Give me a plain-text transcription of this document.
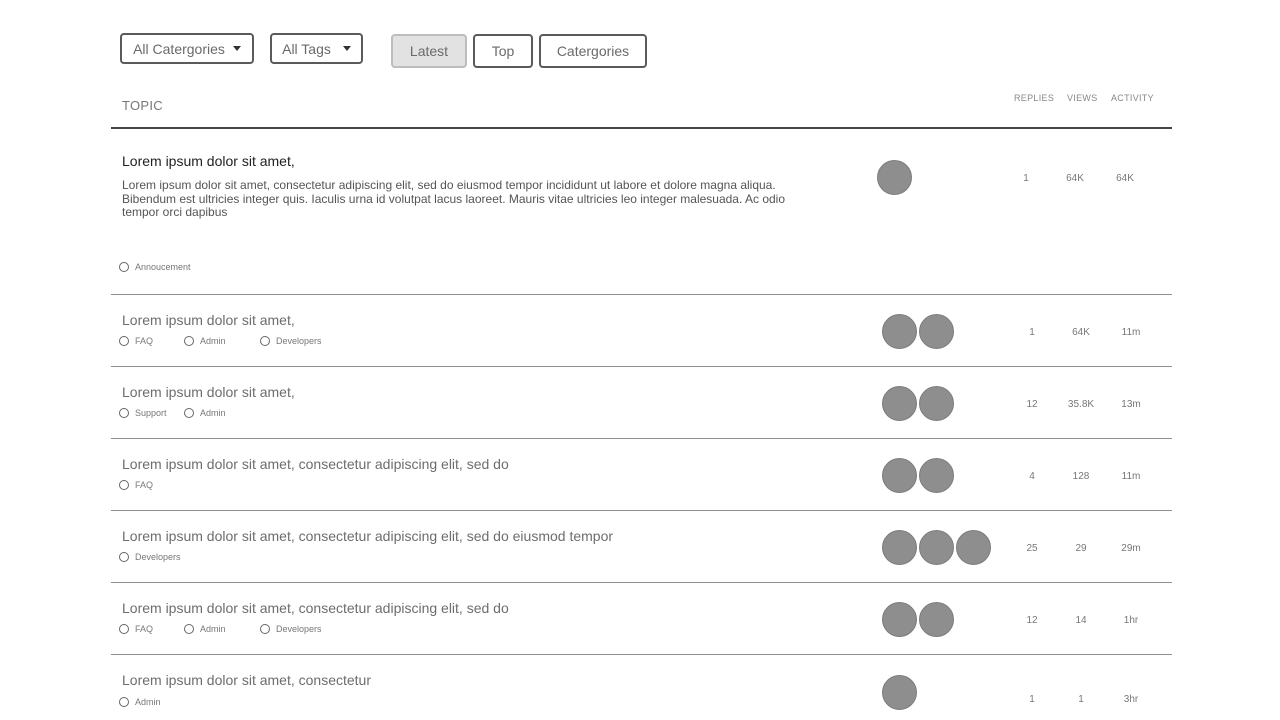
All Catergories	All Tags	Latest	Top	Catergories
TOPIC	REPLIES VIEWS ACTIVITY
Lorem ipsum dolor sit amet,
Lorem ipsum dolor sit amet, consectetur adipiscing elit, sed do eiusmod tempor incididunt ut labore et dolore magna aliqua. Bibendum est ultricies integer quis. Iaculis urna id volutpat lacus laoreet. Mauris vitae ultricies leo integer malesuada. Ac odio tempor orci dapibus
Annoucement
1	64K	64K
Lorem ipsum dolor sit amet,
FAQ	Admin	Developers
1	64K	11m
Lorem ipsum dolor sit amet,
Support	Admin
12	35.8K	13m
Lorem ipsum dolor sit amet, consectetur adipiscing elit, sed do
FAQ
4	128	11m
Lorem ipsum dolor sit amet, consectetur adipiscing elit, sed do eiusmod tempor
Developers
25	29	29m
Lorem ipsum dolor sit amet, consectetur adipiscing elit, sed do
FAQ	Admin	Developers
12	14	1hr
Lorem ipsum dolor sit amet, consectetur
Admin	1	1	3hr
